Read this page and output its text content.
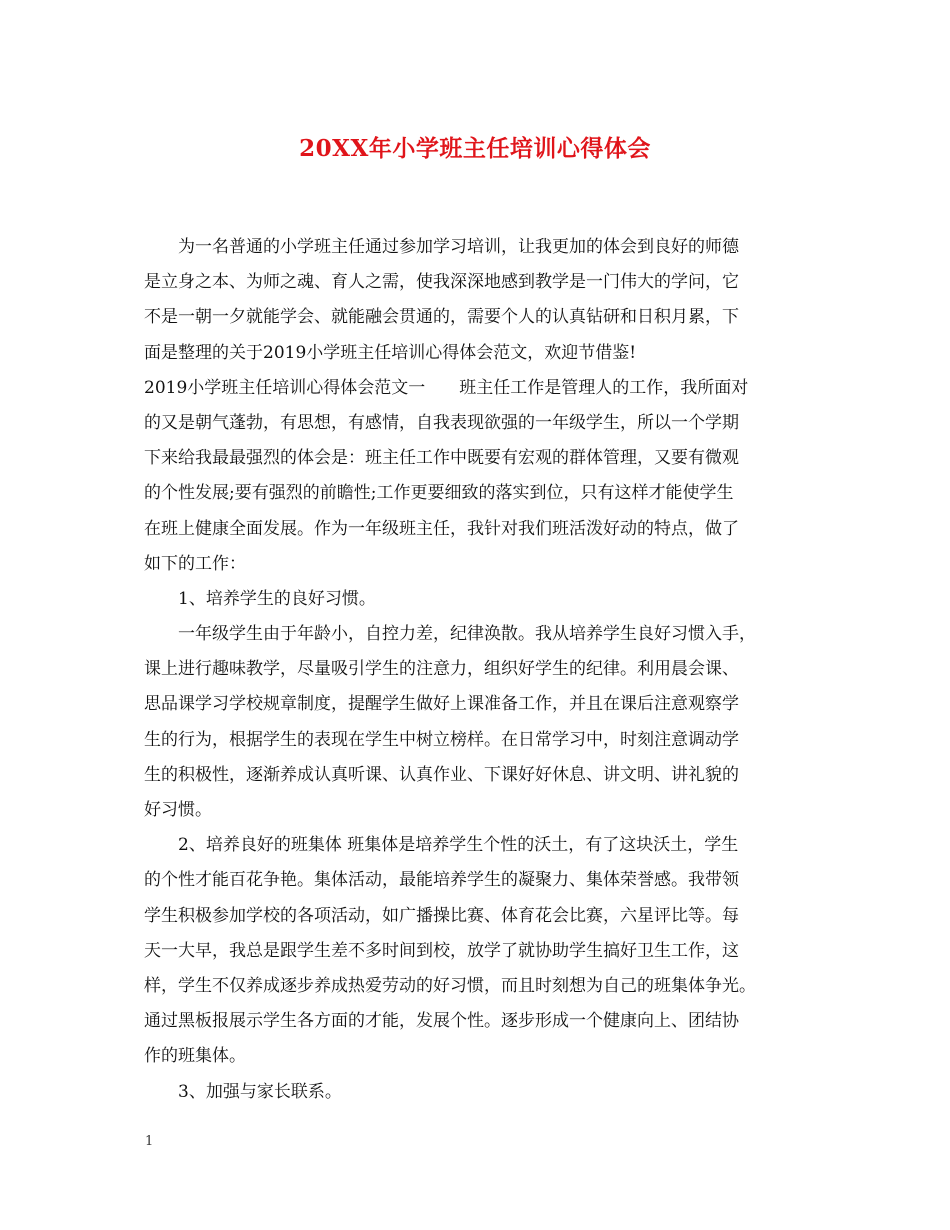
20XX年小学班主任培训心得体会
为一名普通的小学班主任通过参加学习培训，让我更加的体会到良好的师德
是立身之本、为师之魂、育人之需，使我深深地感到教学是一门伟大的学问，它
不是一朝一夕就能学会、就能融会贯通的，需要个人的认真钻研和日积月累，下
面是整理的关于2019小学班主任培训心得体会范文，欢迎节借鉴!
2019小学班主任培训心得体会范文一　　班主任工作是管理人的工作，我所面对
的又是朝气蓬勃，有思想，有感情，自我表现欲强的一年级学生，所以一个学期
下来给我最最强烈的体会是：班主任工作中既要有宏观的群体管理，又要有微观
的个性发展;要有强烈的前瞻性;工作更要细致的落实到位，只有这样才能使学生
在班上健康全面发展。作为一年级班主任，我针对我们班活泼好动的特点，做了
如下的工作：
1、培养学生的良好习惯。
一年级学生由于年龄小，自控力差，纪律涣散。我从培养学生良好习惯入手，
课上进行趣味教学，尽量吸引学生的注意力，组织好学生的纪律。利用晨会课、
思品课学习学校规章制度，提醒学生做好上课准备工作，并且在课后注意观察学
生的行为，根据学生的表现在学生中树立榜样。在日常学习中，时刻注意调动学
生的积极性，逐渐养成认真听课、认真作业、下课好好休息、讲文明、讲礼貌的
好习惯。
2、培养良好的班集体 班集体是培养学生个性的沃土，有了这块沃土，学生
的个性才能百花争艳。集体活动，最能培养学生的凝聚力、集体荣誉感。我带领
学生积极参加学校的各项活动，如广播操比赛、体育花会比赛，六星评比等。每
天一大早，我总是跟学生差不多时间到校，放学了就协助学生搞好卫生工作，这
样，学生不仅养成逐步养成热爱劳动的好习惯，而且时刻想为自己的班集体争光。
通过黑板报展示学生各方面的才能，发展个性。逐步形成一个健康向上、团结协
作的班集体。
3、加强与家长联系。
1
